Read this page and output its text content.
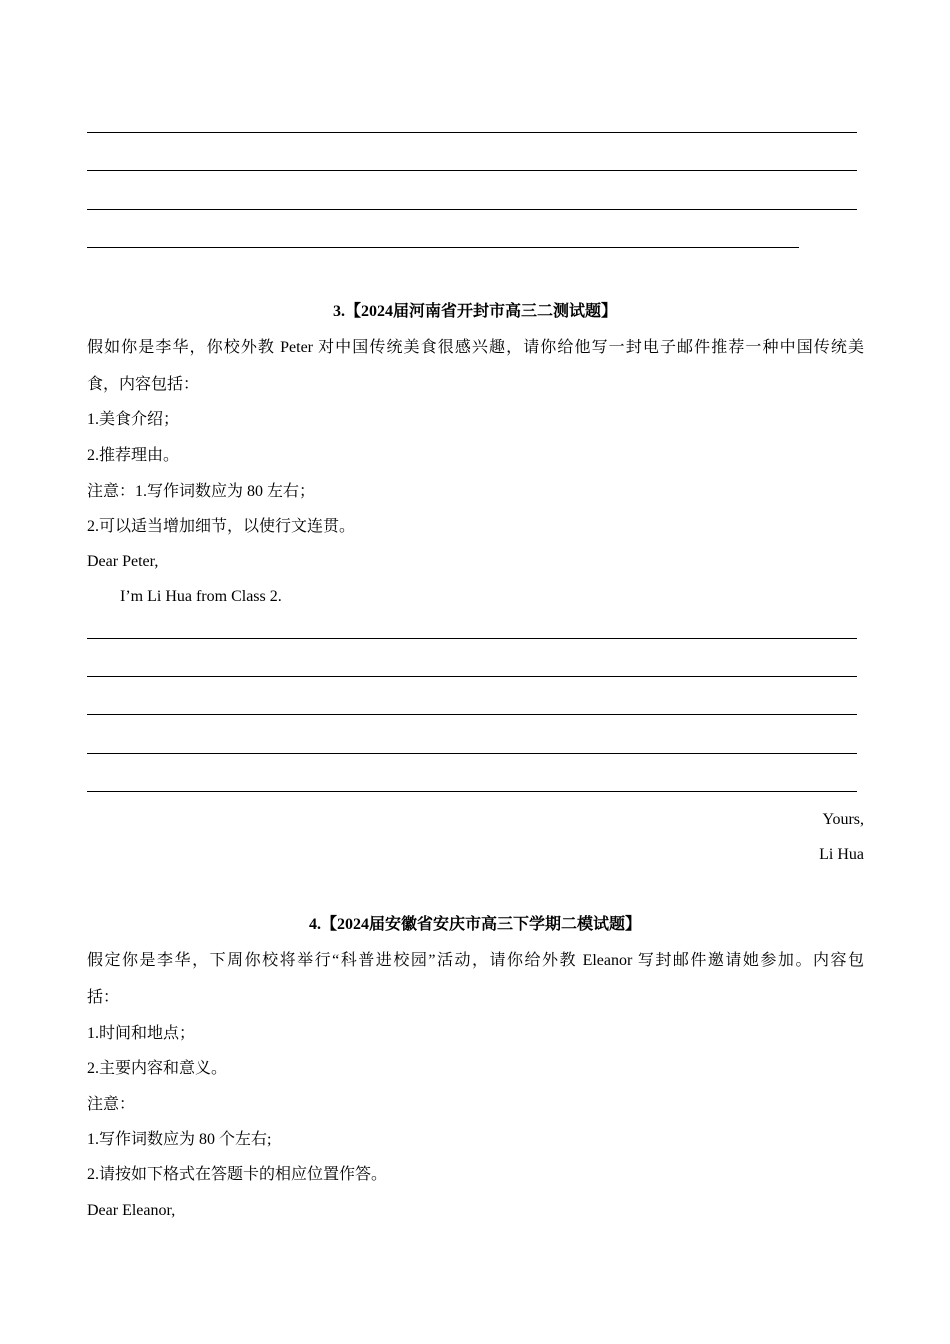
3.【2024届河南省开封市高三二测试题】
假如你是李华，你校外教 Peter 对中国传统美食很感兴趣，请你给他写一封电子邮件推荐一种中国传统美
食，内容包括：
1.美食介绍；
2.推荐理由。
注意：1.写作词数应为 80 左右；
2.可以适当增加细节，以使行文连贯。
Dear Peter,
I’m Li Hua from Class 2.
Yours,
Li Hua
4.【2024届安徽省安庆市高三下学期二模试题】
假定你是李华，下周你校将举行“科普进校园”活动，请你给外教 Eleanor 写封邮件邀请她参加。内容包
括：
1.时间和地点；
2.主要内容和意义。
注意：
1.写作词数应为 80 个左右;
2.请按如下格式在答题卡的相应位置作答。
Dear Eleanor,
